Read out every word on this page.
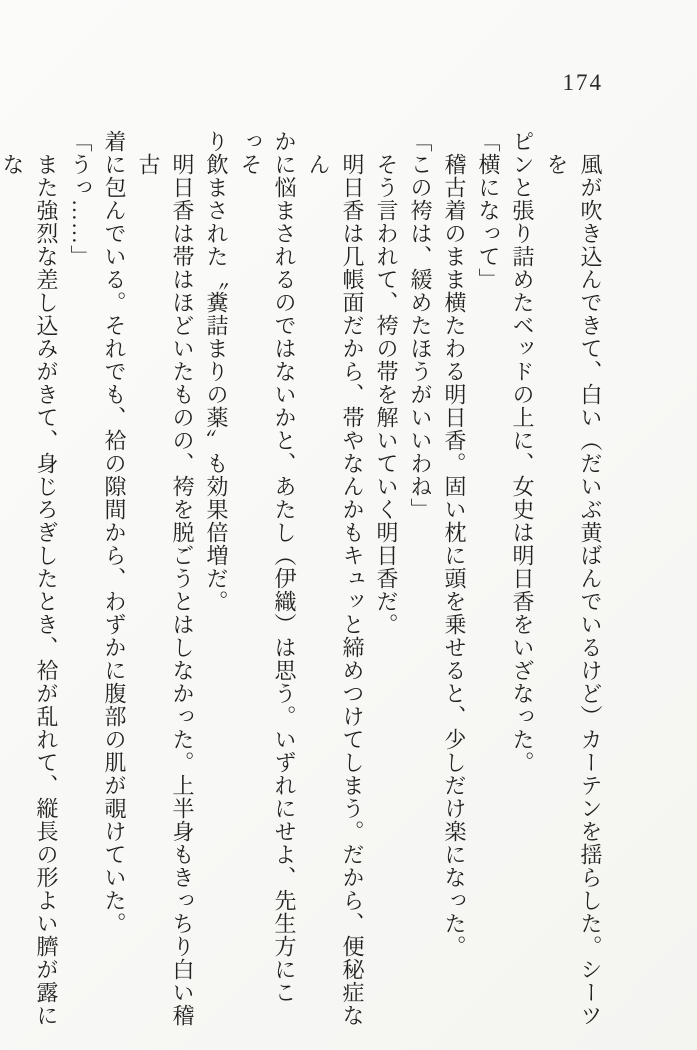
174
風が吹き込んできて、白い（だいぶ黄ばんでいるけど）カーテンを揺らした。シーツを
ピンと張り詰めたベッドの上に、女史は明日香をいざなった。
「横になって」
稽古着のまま横たわる明日香。固い枕に頭を乗せると、少しだけ楽になった。
「この袴は、緩めたほうがいいわね」
そう言われて、袴の帯を解いていく明日香だ。
明日香は几帳面だから、帯やなんかもキュッと締めつけてしまう。だから、便秘症なん
かに悩まされるのではないかと、あたし（伊織）は思う。いずれにせよ、先生方にこっそ
り飲まされた〝糞詰まりの薬〞も効果倍増だ。
明日香は帯はほどいたものの、袴を脱ごうとはしなかった。上半身もきっちり白い稽古
着に包んでいる。それでも、袷の隙間から、わずかに腹部の肌が覗けていた。
「うっ……」
また強烈な差し込みがきて、身じろぎしたとき、袷が乱れて、縦長の形よい臍が露にな
